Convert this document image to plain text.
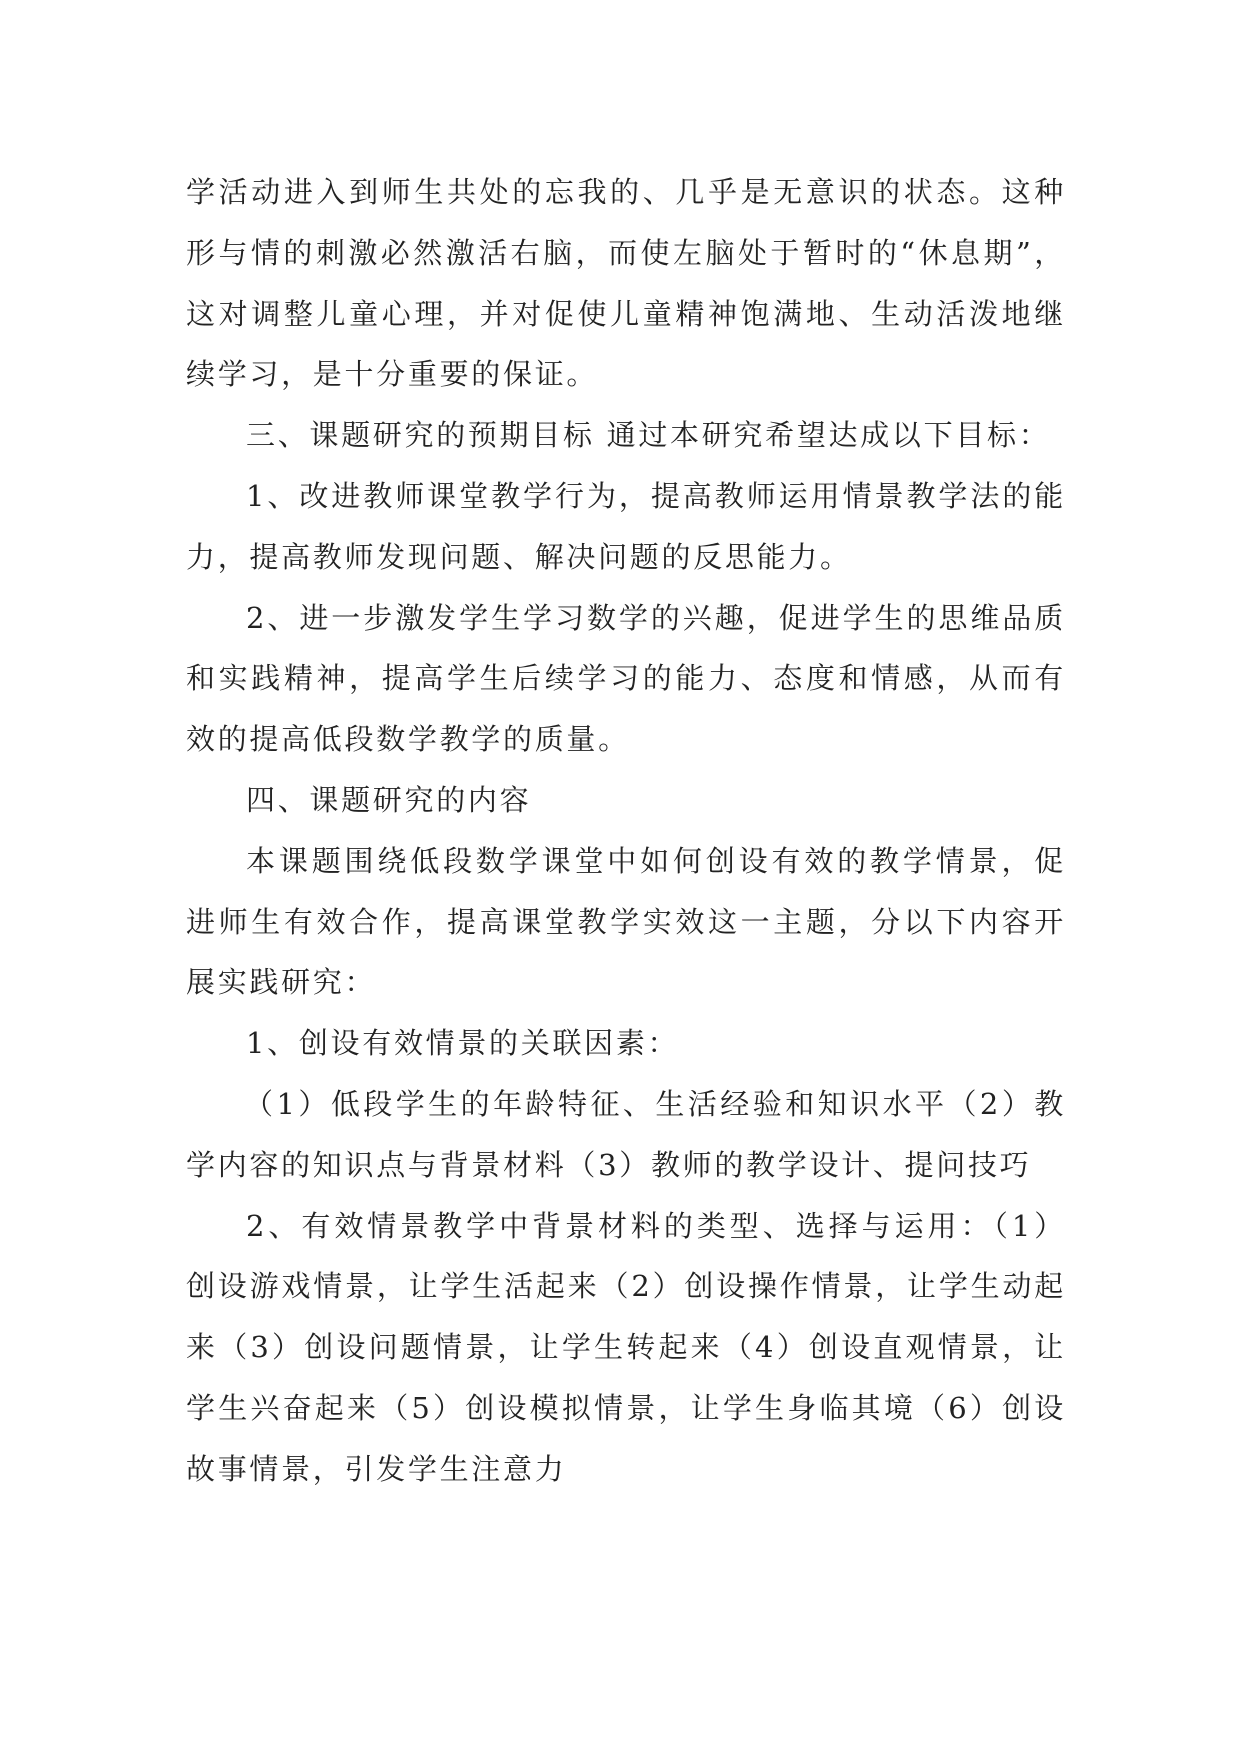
学活动进入到师生共处的忘我的、几乎是无意识的状态。这种形与情的刺激必然激活右脑，而使左脑处于暂时的“休息期”，这对调整儿童心理，并对促使儿童精神饱满地、生动活泼地继续学习，是十分重要的保证。

三、课题研究的预期目标 通过本研究希望达成以下目标：

1、改进教师课堂教学行为，提高教师运用情景教学法的能力，提高教师发现问题、解决问题的反思能力。

2、进一步激发学生学习数学的兴趣，促进学生的思维品质和实践精神，提高学生后续学习的能力、态度和情感，从而有效的提高低段数学教学的质量。

四、课题研究的内容

本课题围绕低段数学课堂中如何创设有效的教学情景，促进师生有效合作，提高课堂教学实效这一主题，分以下内容开展实践研究：

1、创设有效情景的关联因素：

（1）低段学生的年龄特征、生活经验和知识水平（2）教学内容的知识点与背景材料（3）教师的教学设计、提问技巧

2、有效情景教学中背景材料的类型、选择与运用：（1）创设游戏情景，让学生活起来（2）创设操作情景，让学生动起来（3）创设问题情景，让学生转起来（4）创设直观情景，让学生兴奋起来（5）创设模拟情景，让学生身临其境（6）创设故事情景，引发学生注意力
